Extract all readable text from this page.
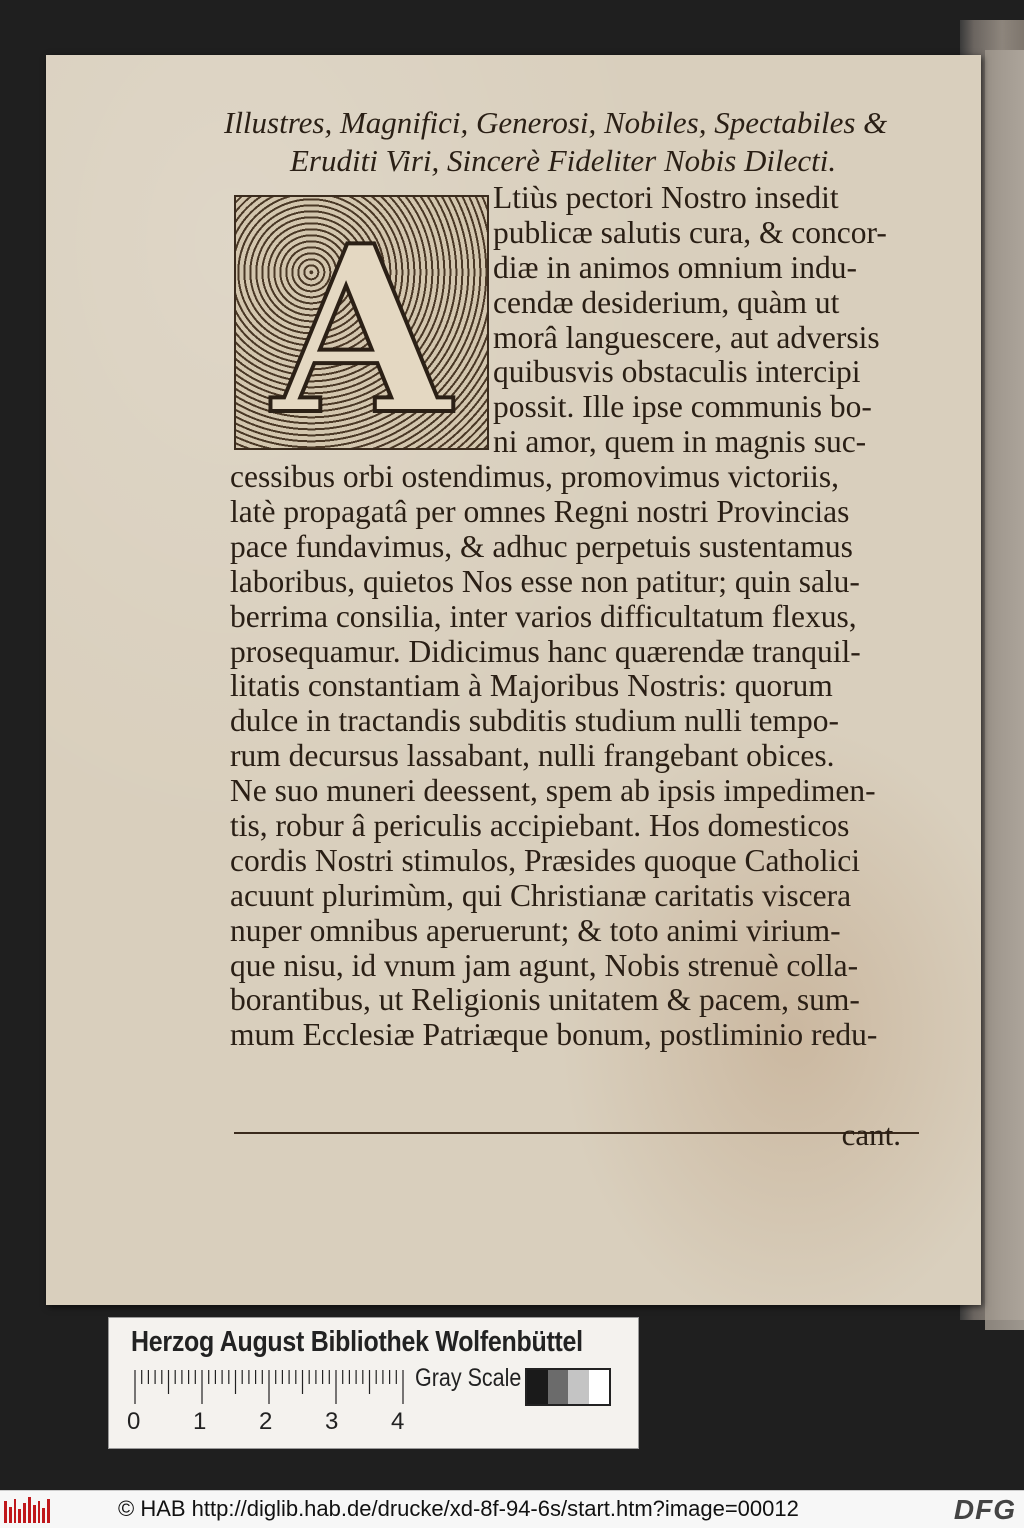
Illustres, Magnifici, Generosi, Nobiles, Spectabiles &
Eruditi Viri, Sincerè Fideliter Nobis Dilecti.
A	Ltiùs pectori Nostro insedit
publicæ salutis cura, & concor-
diæ in animos omnium indu-
cendæ desiderium, quàm ut
morâ languescere, aut adversis
quibusvis obstaculis intercipi
possit. Ille ipse communis bo-
ni amor, quem in magnis suc-
cessibus orbi ostendimus, promovimus victoriis,
latè propagatâ per omnes Regni nostri Provincias
pace fundavimus, & adhuc perpetuis sustentamus
laboribus, quietos Nos esse non patitur; quin salu-
berrima consilia, inter varios difficultatum flexus,
prosequamur. Didicimus hanc quærendæ tranquil-
litatis constantiam à Majoribus Nostris: quorum
dulce in tractandis subditis studium nulli tempo-
rum decursus lassabant, nulli frangebant obices.
Ne suo muneri deessent, spem ab ipsis impedimen-
tis, robur â periculis accipiebant. Hos domesticos
cordis Nostri stimulos, Præsides quoque Catholici
acuunt plurimùm, qui Christianæ caritatis viscera
nuper omnibus aperuerunt; & toto animi virium-
que nisu, id vnum jam agunt, Nobis strenuè colla-
borantibus, ut Religionis unitatem & pacem, sum-
mum Ecclesiæ Patriæque bonum, postliminio redu-
cant.
Herzog August Bibliothek Wolfenbüttel
0 1 2 3 4
Gray Scale
© HAB http://diglib.hab.de/drucke/xd-8f-94-6s/start.htm?image=00012	DFG
